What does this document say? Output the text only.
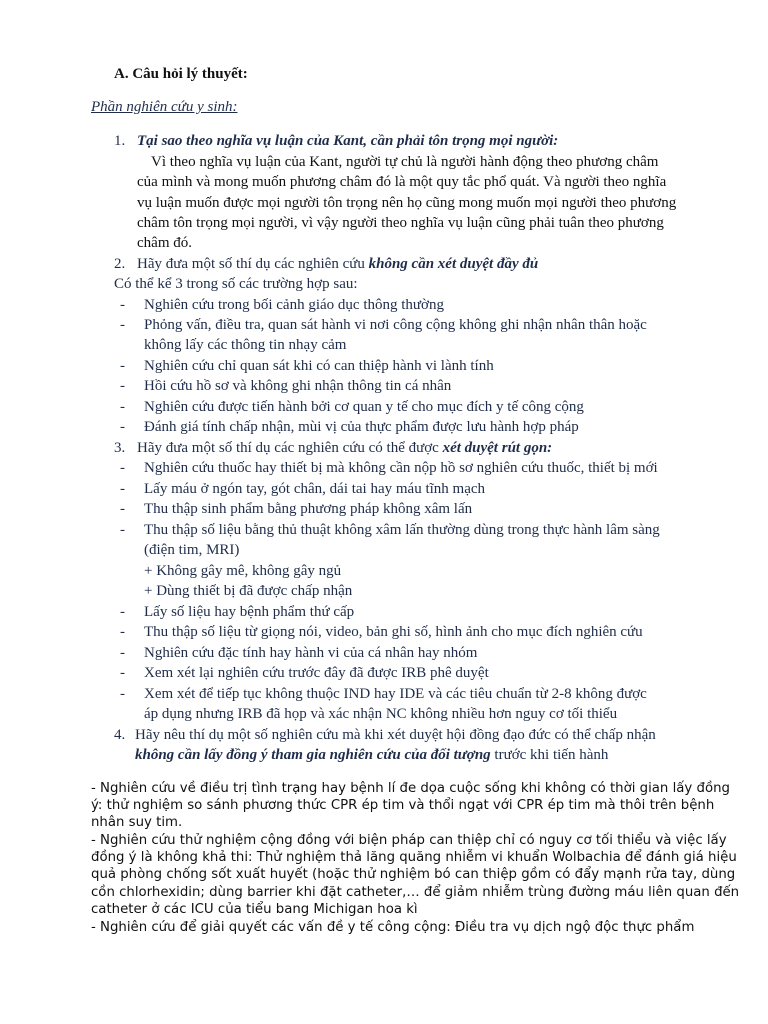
A. Câu hỏi lý thuyết:
Phần nghiên cứu y sinh:
1. Tại sao theo nghĩa vụ luận của Kant, cần phải tôn trọng mọi người:
Vì theo nghĩa vụ luận của Kant, người tự chủ là người hành động theo phương châm
của mình và mong muốn phương châm đó là một quy tắc phổ quát. Và người theo nghĩa
vụ luận muốn được mọi người tôn trọng nên họ cũng mong muốn mọi người theo phương
châm tôn trọng mọi người, vì vậy người theo nghĩa vụ luận cũng phải tuân theo phương
châm đó.
2. Hãy đưa một số thí dụ các nghiên cứu không cần xét duyệt đầy đủ
Có thể kể 3 trong số các trường hợp sau:
- Nghiên cứu trong bối cảnh giáo dục thông thường
- Phỏng vấn, điều tra, quan sát hành vi nơi công cộng không ghi nhận nhân thân hoặc
không lấy các thông tin nhạy cảm
- Nghiên cứu chỉ quan sát khi có can thiệp hành vi lành tính
- Hồi cứu hồ sơ và không ghi nhận thông tin cá nhân
- Nghiên cứu được tiến hành bởi cơ quan y tế cho mục đích y tế công cộng
- Đánh giá tính chấp nhận, mùi vị của thực phẩm được lưu hành hợp pháp
3. Hãy đưa một số thí dụ các nghiên cứu có thể được xét duyệt rút gọn:
- Nghiên cứu thuốc hay thiết bị mà không cần nộp hồ sơ nghiên cứu thuốc, thiết bị mới
- Lấy máu ở ngón tay, gót chân, dái tai hay máu tĩnh mạch
- Thu thập sinh phẩm bằng phương pháp không xâm lấn
- Thu thập số liệu bằng thủ thuật không xâm lấn thường dùng trong thực hành lâm sàng
(điện tim, MRI)
+ Không gây mê, không gây ngủ
+ Dùng thiết bị đã được chấp nhận
- Lấy số liệu hay bệnh phẩm thứ cấp
- Thu thập số liệu từ giọng nói, video, bản ghi số, hình ảnh cho mục đích nghiên cứu
- Nghiên cứu đặc tính hay hành vi của cá nhân hay nhóm
- Xem xét lại nghiên cứu trước đây đã được IRB phê duyệt
- Xem xét để tiếp tục không thuộc IND hay IDE và các tiêu chuẩn từ 2-8 không được
áp dụng nhưng IRB đã họp và xác nhận NC không nhiều hơn nguy cơ tối thiểu
4. Hãy nêu thí dụ một số nghiên cứu mà khi xét duyệt hội đồng đạo đức có thể chấp nhận
không cần lấy đồng ý tham gia nghiên cứu của đối tượng trước khi tiến hành
- Nghiên cứu về điều trị tình trạng hay bệnh lí đe dọa cuộc sống khi không có thời gian lấy đồng
ý: thử nghiệm so sánh phương thức CPR ép tim và thổi ngạt với CPR ép tim mà thôi trên bệnh
nhân suy tim.
- Nghiên cứu thử nghiệm cộng đồng với biện pháp can thiệp chỉ có nguy cơ tối thiểu và việc lấy
đồng ý là không khả thi: Thử nghiệm thả lăng quăng nhiễm vi khuẩn Wolbachia để đánh giá hiệu
quả phòng chống sốt xuất huyết (hoặc thử nghiệm bó can thiệp gồm có đẩy mạnh rửa tay, dùng
cồn chlorhexidin; dùng barrier khi đặt catheter,… để giảm nhiễm trùng đường máu liên quan đến
catheter ở các ICU của tiểu bang Michigan hoa kì
- Nghiên cứu để giải quyết các vấn đề y tế công cộng: Điều tra vụ dịch ngộ độc thực phẩm
